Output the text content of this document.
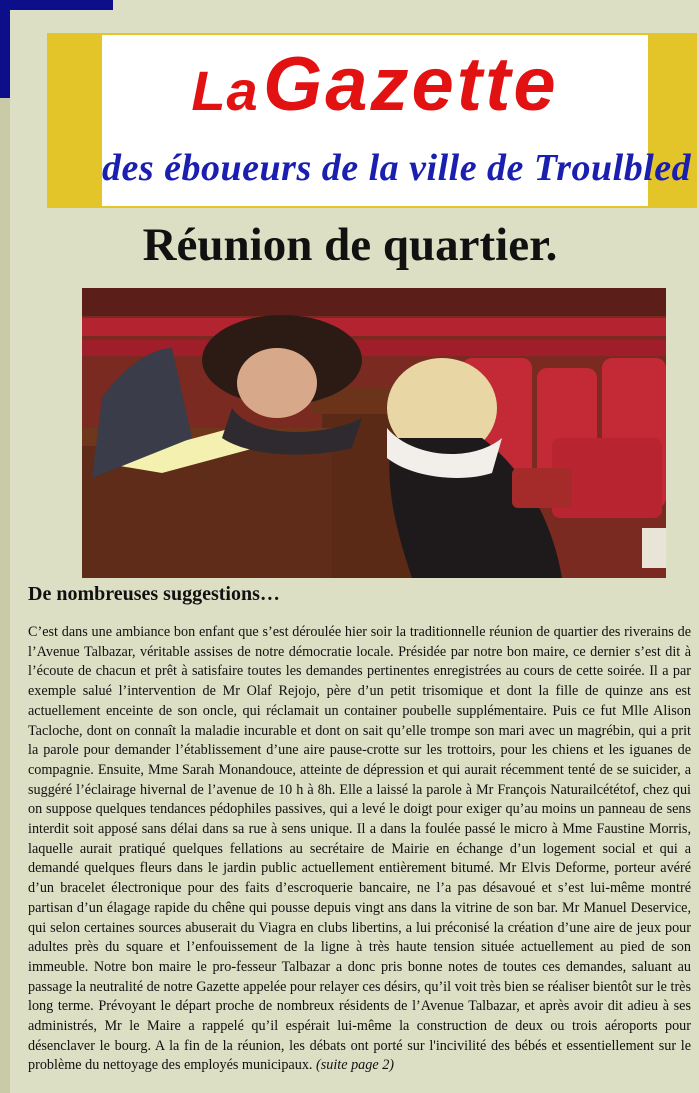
La Gazette
des éboueurs de la ville de Troulbled
Réunion de quartier.
De nombreuses suggestions…

C’est dans une ambiance bon enfant que s’est déroulée hier soir la traditionnelle réunion de quartier des riverains de l’Avenue Talbazar, véritable assises de notre démocratie locale. Présidée par notre bon maire, ce dernier s’est dit à l’écoute de chacun et prêt à satisfaire toutes les demandes pertinentes enregistrées au cours de cette soirée. Il a par exemple salué l’intervention de Mr Olaf Rejojo, père d’un petit trisomique et dont la fille de quinze ans est actuellement enceinte de son oncle, qui réclamait un container poubelle supplémentaire. Puis ce fut Mlle Alison Tacloche, dont on connaît la maladie incurable et dont on sait qu’elle trompe son mari avec un magrébin, qui a prit la parole pour demander l’établissement d’une aire pause-crotte sur les trottoirs, pour les chiens et les iguanes de compagnie. Ensuite, Mme Sarah Monandouce, atteinte de dépression et qui aurait récemment tenté de se suicider, a suggéré l’éclairage hivernal de l’avenue de 10 h à 8h. Elle a laissé la parole à Mr François Naturailcététof, chez qui on suppose quelques tendances pédophiles passives, qui a levé le doigt pour exiger qu’au moins un panneau de sens interdit soit apposé sans délai dans sa rue à sens unique. Il a dans la foulée passé le micro à Mme Faustine Morris, laquelle aurait pratiqué quelques fellations au secrétaire de Mairie en échange d’un logement social et qui a demandé quelques fleurs dans le jardin public actuellement entièrement bitumé. Mr Elvis Deforme, porteur avéré d’un bracelet électronique pour des faits d’escroquerie bancaire, ne l’a pas désavoué et s’est lui-même montré partisan d’un élagage rapide du chêne qui pousse depuis vingt ans dans la vitrine de son bar. Mr Manuel Deservice, qui selon certaines sources abuserait du Viagra en clubs libertins, a lui préconisé la création d’une aire de jeux pour adultes près du square et l’enfouissement de la ligne à très haute tension située actuellement au pied de son immeuble. Notre bon maire le pro-fesseur Talbazar a donc pris bonne notes de toutes ces demandes, saluant au passage la neutralité de notre Gazette appelée pour relayer ces désirs, qu’il voit très bien se réaliser bientôt sur le très long terme. Prévoyant le départ proche de nombreux résidents de l’Avenue Talbazar, et après avoir dit adieu à ses administrés, Mr le Maire a rappelé qu’il espérait lui-même la construction de deux ou trois aéroports pour désenclaver le bourg. A la fin de la réunion, les débats ont porté sur l'incivilité des bébés et essentiellement sur le problème du nettoyage des employés municipaux. (suite page 2)
